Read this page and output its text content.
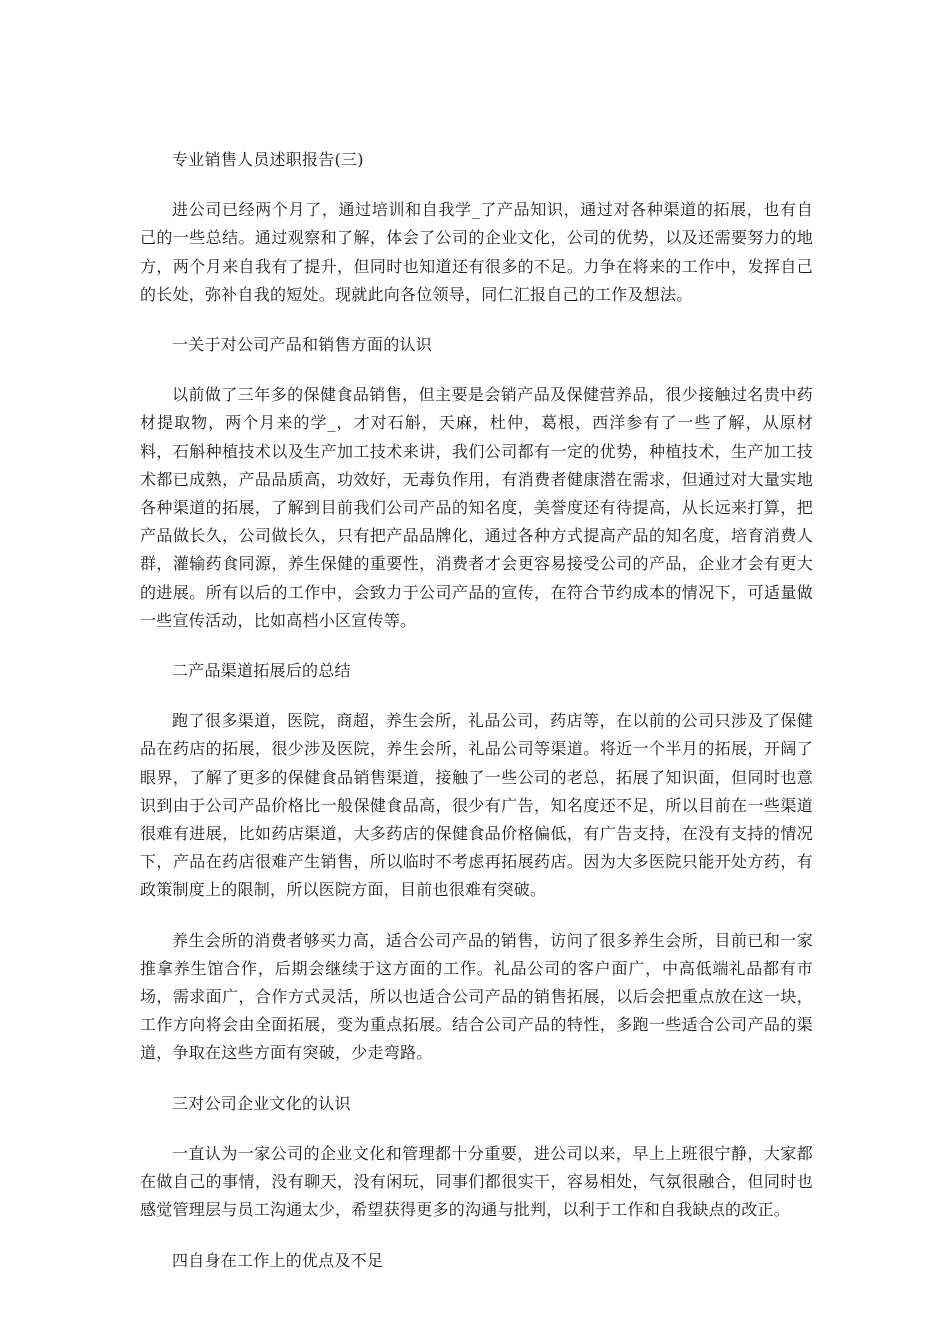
专业销售人员述职报告(三)

进公司已经两个月了，通过培训和自我学_了产品知识，通过对各种渠道的拓展，也有自己的一些总结。通过观察和了解，体会了公司的企业文化，公司的优势，以及还需要努力的地方，两个月来自我有了提升，但同时也知道还有很多的不足。力争在将来的工作中，发挥自己的长处，弥补自我的短处。现就此向各位领导，同仁汇报自己的工作及想法。

一关于对公司产品和销售方面的认识

以前做了三年多的保健食品销售，但主要是会销产品及保健营养品，很少接触过名贵中药材提取物，两个月来的学_，才对石斛，天麻，杜仲，葛根，西洋参有了一些了解，从原材料，石斛种植技术以及生产加工技术来讲，我们公司都有一定的优势，种植技术，生产加工技术都已成熟，产品品质高，功效好，无毒负作用，有消费者健康潜在需求，但通过对大量实地各种渠道的拓展，了解到目前我们公司产品的知名度，美誉度还有待提高，从长远来打算，把产品做长久，公司做长久，只有把产品品牌化，通过各种方式提高产品的知名度，培育消费人群，灌输药食同源，养生保健的重要性，消费者才会更容易接受公司的产品，企业才会有更大的进展。所有以后的工作中，会致力于公司产品的宣传，在符合节约成本的情况下，可适量做一些宣传活动，比如高档小区宣传等。

二产品渠道拓展后的总结

跑了很多渠道，医院，商超，养生会所，礼品公司，药店等，在以前的公司只涉及了保健品在药店的拓展，很少涉及医院，养生会所，礼品公司等渠道。将近一个半月的拓展，开阔了眼界，了解了更多的保健食品销售渠道，接触了一些公司的老总，拓展了知识面，但同时也意识到由于公司产品价格比一般保健食品高，很少有广告，知名度还不足，所以目前在一些渠道很难有进展，比如药店渠道，大多药店的保健食品价格偏低，有广告支持，在没有支持的情况下，产品在药店很难产生销售，所以临时不考虑再拓展药店。因为大多医院只能开处方药，有政策制度上的限制，所以医院方面，目前也很难有突破。

养生会所的消费者够买力高，适合公司产品的销售，访问了很多养生会所，目前已和一家推拿养生馆合作，后期会继续于这方面的工作。礼品公司的客户面广，中高低端礼品都有市场，需求面广，合作方式灵活，所以也适合公司产品的销售拓展，以后会把重点放在这一块，工作方向将会由全面拓展，变为重点拓展。结合公司产品的特性，多跑一些适合公司产品的渠道，争取在这些方面有突破，少走弯路。

三对公司企业文化的认识

一直认为一家公司的企业文化和管理都十分重要，进公司以来，早上上班很宁静，大家都在做自己的事情，没有聊天，没有闲玩，同事们都很实干，容易相处，气氛很融合，但同时也感觉管理层与员工沟通太少，希望获得更多的沟通与批判，以利于工作和自我缺点的改正。

四自身在工作上的优点及不足
